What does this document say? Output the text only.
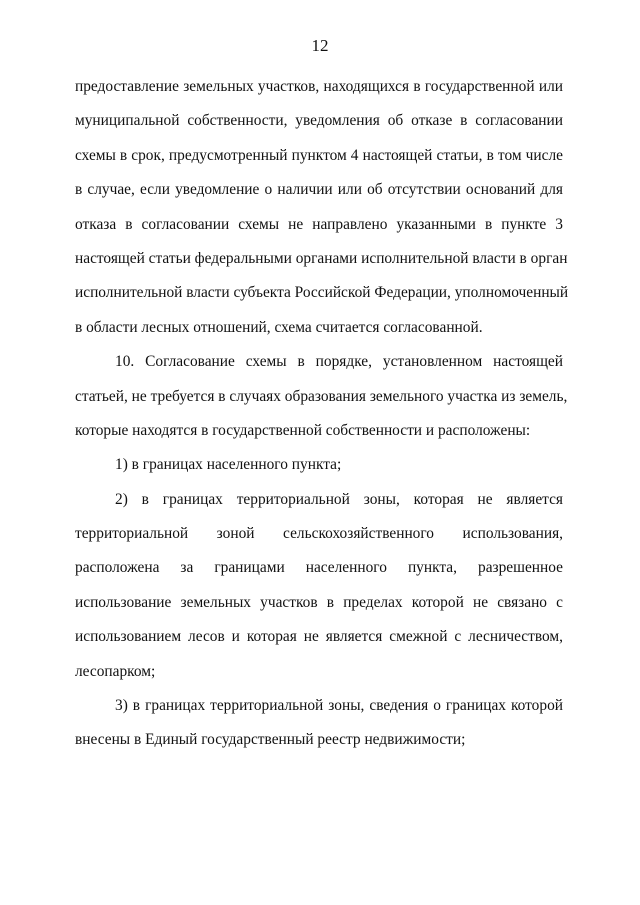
12
предоставление земельных участков, находящихся в государственной или
муниципальной собственности, уведомления об отказе в согласовании
схемы в срок, предусмотренный пунктом 4 настоящей статьи, в том числе
в случае, если уведомление о наличии или об отсутствии оснований для
отказа в согласовании схемы не направлено указанными в пункте 3
настоящей статьи федеральными органами исполнительной власти в орган
исполнительной власти субъекта Российской Федерации, уполномоченный
в области лесных отношений, схема считается согласованной.
10. Согласование схемы в порядке, установленном настоящей
статьей, не требуется в случаях образования земельного участка из земель,
которые находятся в государственной собственности и расположены:
1) в границах населенного пункта;
2) в границах территориальной зоны, которая не является
территориальной зоной сельскохозяйственного использования,
расположена за границами населенного пункта, разрешенное
использование земельных участков в пределах которой не связано с
использованием лесов и которая не является смежной с лесничеством,
лесопарком;
3) в границах территориальной зоны, сведения о границах которой
внесены в Единый государственный реестр недвижимости;
